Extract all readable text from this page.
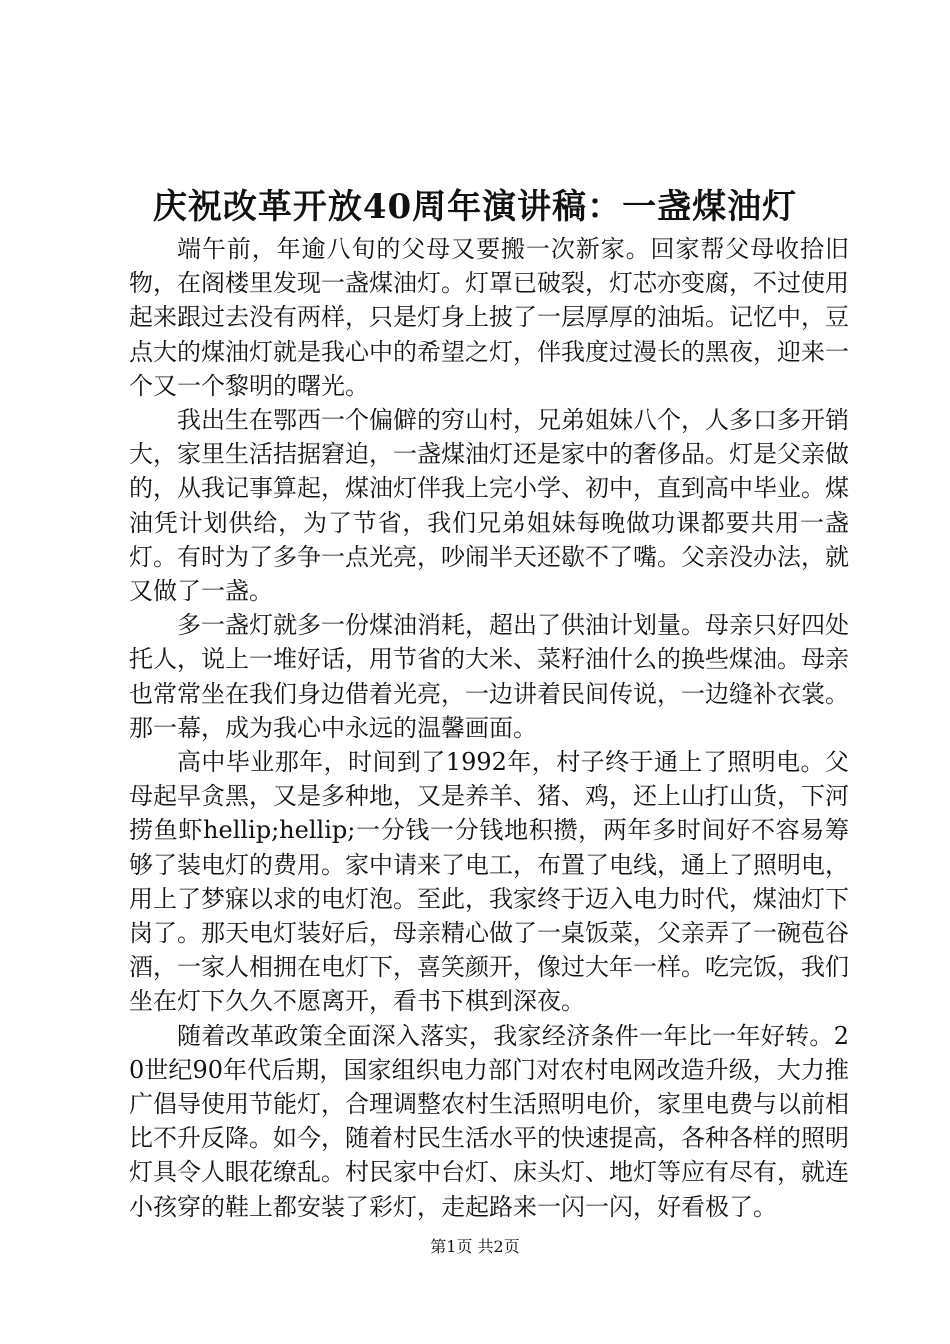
庆祝改革开放40周年演讲稿：一盏煤油灯

端午前，年逾八旬的父母又要搬一次新家。回家帮父母收拾旧物，在阁楼里发现一盏煤油灯。灯罩已破裂，灯芯亦变腐，不过使用起来跟过去没有两样，只是灯身上披了一层厚厚的油垢。记忆中，豆点大的煤油灯就是我心中的希望之灯，伴我度过漫长的黑夜，迎来一个又一个黎明的曙光。

我出生在鄂西一个偏僻的穷山村，兄弟姐妹八个，人多口多开销大，家里生活拮据窘迫，一盏煤油灯还是家中的奢侈品。灯是父亲做的，从我记事算起，煤油灯伴我上完小学、初中，直到高中毕业。煤油凭计划供给，为了节省，我们兄弟姐妹每晚做功课都要共用一盏灯。有时为了多争一点光亮，吵闹半天还歇不了嘴。父亲没办法，就又做了一盏。

多一盏灯就多一份煤油消耗，超出了供油计划量。母亲只好四处托人，说上一堆好话，用节省的大米、菜籽油什么的换些煤油。母亲也常常坐在我们身边借着光亮，一边讲着民间传说，一边缝补衣裳。那一幕，成为我心中永远的温馨画面。

高中毕业那年，时间到了1992年，村子终于通上了照明电。父母起早贪黑，又是多种地，又是养羊、猪、鸡，还上山打山货，下河捞鱼虾hellip;hellip;一分钱一分钱地积攒，两年多时间好不容易筹够了装电灯的费用。家中请来了电工，布置了电线，通上了照明电，用上了梦寐以求的电灯泡。至此，我家终于迈入电力时代，煤油灯下岗了。那天电灯装好后，母亲精心做了一桌饭菜，父亲弄了一碗苞谷酒，一家人相拥在电灯下，喜笑颜开，像过大年一样。吃完饭，我们坐在灯下久久不愿离开，看书下棋到深夜。

随着改革政策全面深入落实，我家经济条件一年比一年好转。20世纪90年代后期，国家组织电力部门对农村电网改造升级，大力推广倡导使用节能灯，合理调整农村生活照明电价，家里电费与以前相比不升反降。如今，随着村民生活水平的快速提高，各种各样的照明灯具令人眼花缭乱。村民家中台灯、床头灯、地灯等应有尽有，就连小孩穿的鞋上都安装了彩灯，走起路来一闪一闪，好看极了。

第1页 共2页
